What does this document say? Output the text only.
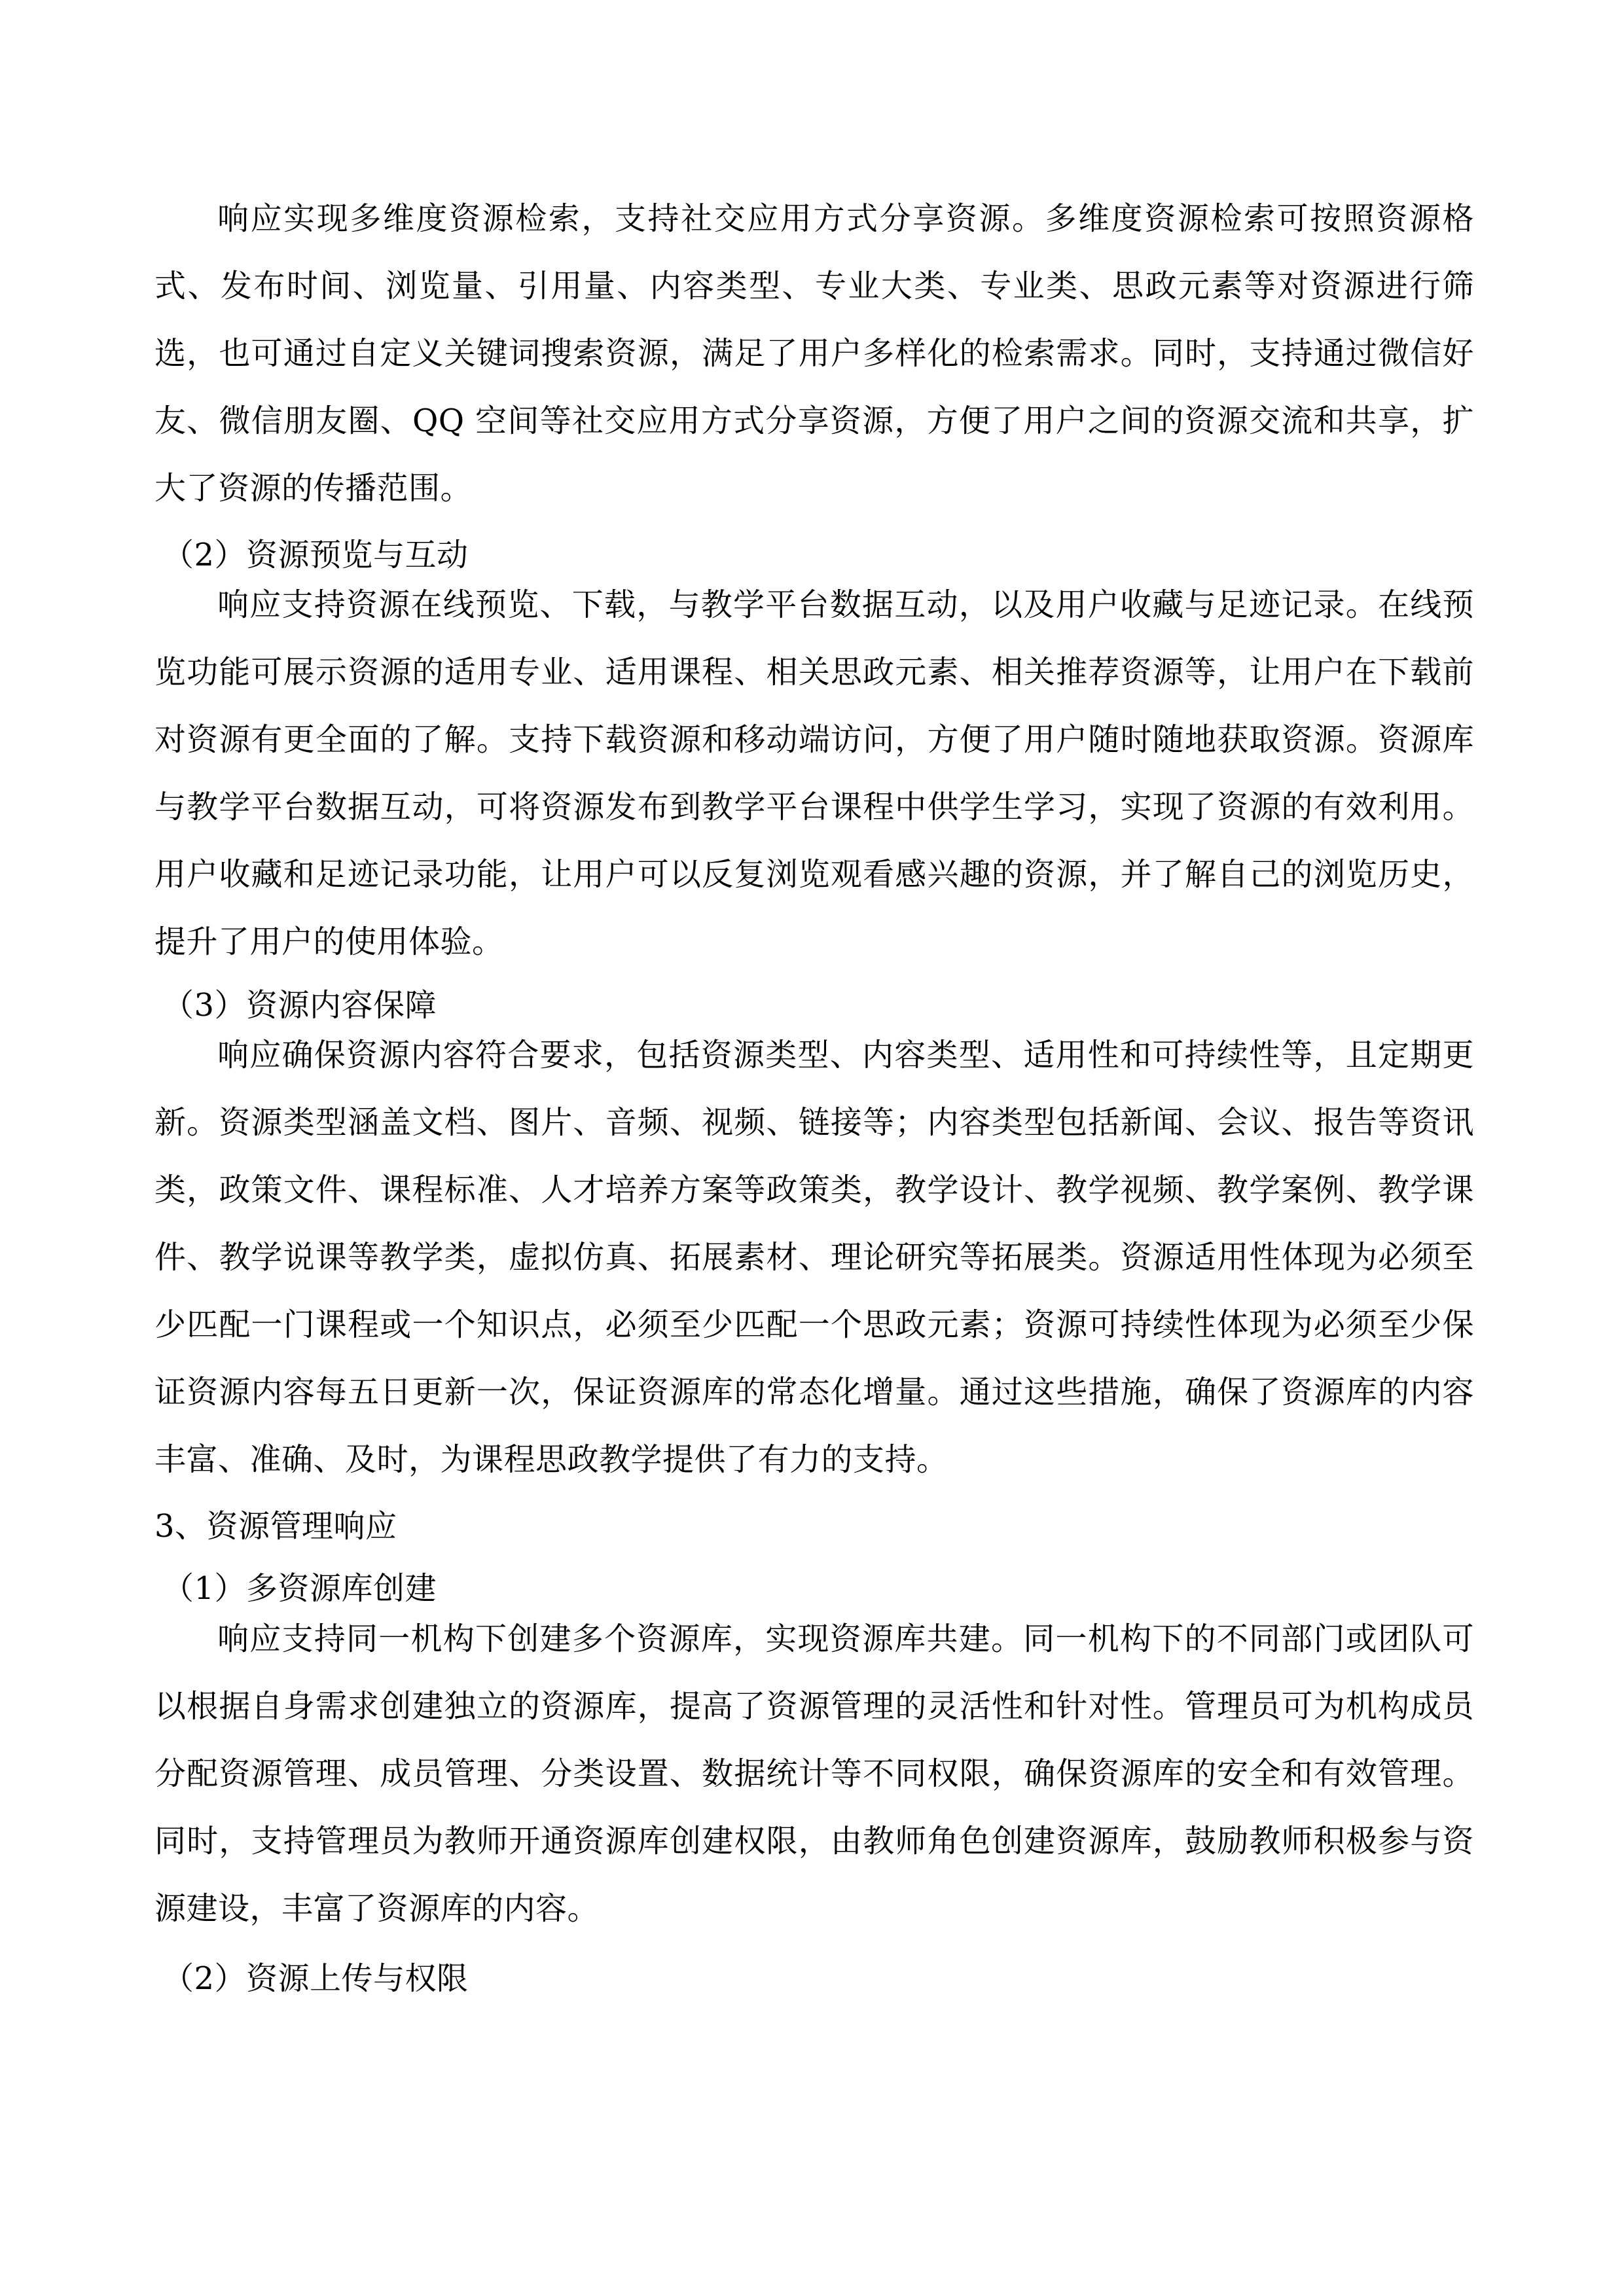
响应实现多维度资源检索，支持社交应用方式分享资源。多维度资源检索可按照资源格式、发布时间、浏览量、引用量、内容类型、专业大类、专业类、思政元素等对资源进行筛选，也可通过自定义关键词搜索资源，满足了用户多样化的检索需求。同时，支持通过微信好友、微信朋友圈、QQ 空间等社交应用方式分享资源，方便了用户之间的资源交流和共享，扩大了资源的传播范围。

（2）资源预览与互动

响应支持资源在线预览、下载，与教学平台数据互动，以及用户收藏与足迹记录。在线预览功能可展示资源的适用专业、适用课程、相关思政元素、相关推荐资源等，让用户在下载前对资源有更全面的了解。支持下载资源和移动端访问，方便了用户随时随地获取资源。资源库与教学平台数据互动，可将资源发布到教学平台课程中供学生学习，实现了资源的有效利用。用户收藏和足迹记录功能，让用户可以反复浏览观看感兴趣的资源，并了解自己的浏览历史，提升了用户的使用体验。

（3）资源内容保障

响应确保资源内容符合要求，包括资源类型、内容类型、适用性和可持续性等，且定期更新。资源类型涵盖文档、图片、音频、视频、链接等；内容类型包括新闻、会议、报告等资讯类，政策文件、课程标准、人才培养方案等政策类，教学设计、教学视频、教学案例、教学课件、教学说课等教学类，虚拟仿真、拓展素材、理论研究等拓展类。资源适用性体现为必须至少匹配一门课程或一个知识点，必须至少匹配一个思政元素；资源可持续性体现为必须至少保证资源内容每五日更新一次，保证资源库的常态化增量。通过这些措施，确保了资源库的内容丰富、准确、及时，为课程思政教学提供了有力的支持。

3、资源管理响应

（1）多资源库创建

响应支持同一机构下创建多个资源库，实现资源库共建。同一机构下的不同部门或团队可以根据自身需求创建独立的资源库，提高了资源管理的灵活性和针对性。管理员可为机构成员分配资源管理、成员管理、分类设置、数据统计等不同权限，确保资源库的安全和有效管理。同时，支持管理员为教师开通资源库创建权限，由教师角色创建资源库，鼓励教师积极参与资源建设，丰富了资源库的内容。

（2）资源上传与权限
